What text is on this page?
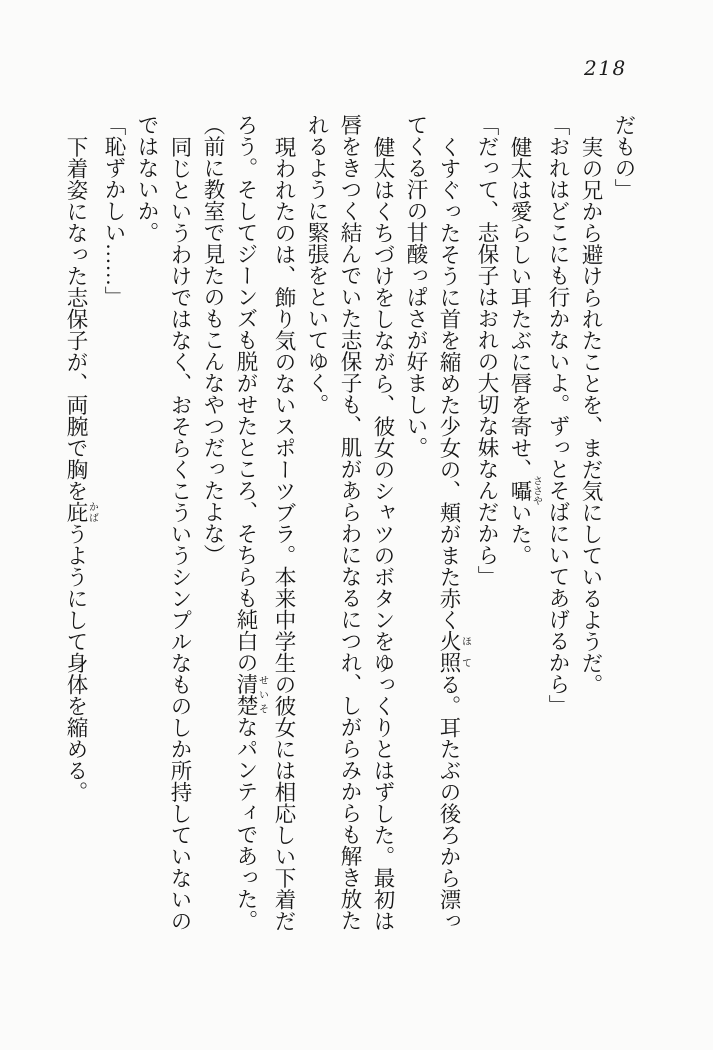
218

だもの」

実の兄から避けられたことを、まだ気にしているようだ。

「おれはどこにも行かないよ。ずっとそばにいてあげるから」

健太は愛らしい耳たぶに唇を寄せ、囁ささやいた。

「だって、志保子はおれの大切な妹なんだから」

くすぐったそうに首を縮めた少女の、頬がまた赤く火照ほてる。耳たぶの後ろから漂っ

てくる汗の甘酸っぱさが好ましい。

健太はくちづけをしながら、彼女のシャツのボタンをゆっくりとはずした。最初は

唇をきつく結んでいた志保子も、肌があらわになるにつれ、しがらみからも解き放た

れるように緊張をといてゆく。

現われたのは、飾り気のないスポーツブラ。本来中学生の彼女には相応しい下着だ

ろう。そしてジーンズも脱がせたところ、そちらも純白の清楚せいそなパンティであった。

（前に教室で見たのもこんなやつだったよな）

同じというわけではなく、おそらくこういうシンプルなものしか所持していないの

ではないか。

「恥ずかしい……」

下着姿になった志保子が、両腕で胸を庇かばうようにして身体を縮める。
